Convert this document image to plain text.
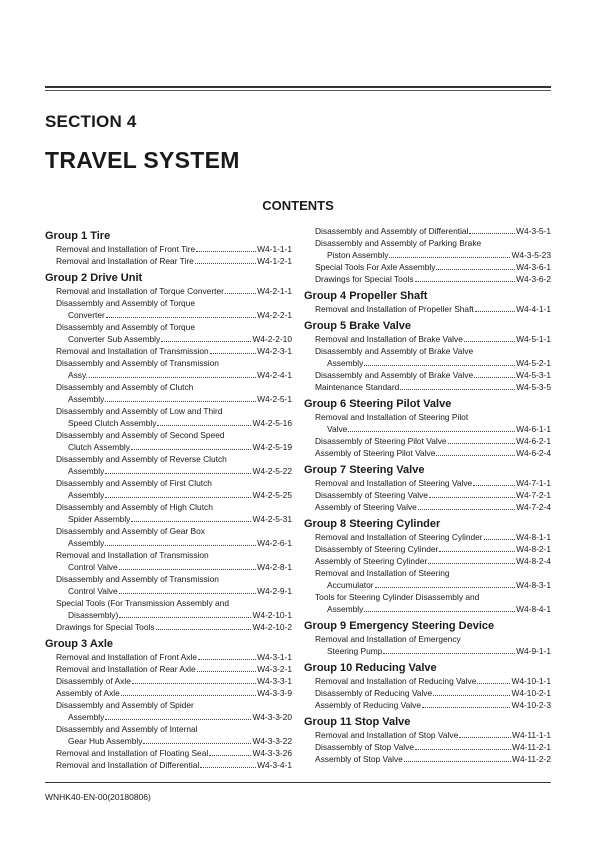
SECTION 4
TRAVEL SYSTEM
CONTENTS
Group 1 Tire
Removal and Installation of Front Tire	W4-1-1-1
Removal and Installation of Rear Tire	W4-1-2-1
Group 2 Drive Unit
Removal and Installation of Torque Converter	W4-2-1-1
Disassembly and Assembly of Torque
Converter	W4-2-2-1
Disassembly and Assembly of Torque
Converter Sub Assembly	W4-2-2-10
Removal and Installation of Transmission	W4-2-3-1
Disassembly and Assembly of Transmission
Assy.	W4-2-4-1
Disassembly and Assembly of Clutch
Assembly	W4-2-5-1
Disassembly and Assembly of Low and Third
Speed Clutch Assembly	W4-2-5-16
Disassembly and Assembly of Second Speed
Clutch Assembly	W4-2-5-19
Disassembly and Assembly of Reverse Clutch
Assembly	W4-2-5-22
Disassembly and Assembly of First Clutch
Assembly	W4-2-5-25
Disassembly and Assembly of High Clutch
Spider Assembly	W4-2-5-31
Disassembly and Assembly of Gear Box
Assembly	W4-2-6-1
Removal and Installation of Transmission
Control Valve	W4-2-8-1
Disassembly and Assembly of Transmission
Control Valve	W4-2-9-1
Special Tools (For Transmission Assembly and
Disassembly)	W4-2-10-1
Drawings for Special Tools	W4-2-10-2
Group 3 Axle
Removal and Installation of Front Axle	W4-3-1-1
Removal and Installation of Rear Axle	W4-3-2-1
Disassembly of Axle	W4-3-3-1
Assembly of Axle	W4-3-3-9
Disassembly and Assembly of Spider
Assembly	W4-3-3-20
Disassembly and Assembly of Internal
Gear Hub Assembly	W4-3-3-22
Removal and Installation of Floating Seal	W4-3-3-26
Removal and Installation of Differential	W4-3-4-1
Disassembly and Assembly of Differential	W4-3-5-1
Disassembly and Assembly of Parking Brake
Piston Assembly	W4-3-5-23
Special Tools For Axle Assembly	W4-3-6-1
Drawings for Special Tools	W4-3-6-2
Group 4 Propeller Shaft
Removal and Installation of Propeller Shaft	W4-4-1-1
Group 5 Brake Valve
Removal and Installation of Brake Valve	W4-5-1-1
Disassembly and Assembly of Brake Valve
Assembly	W4-5-2-1
Disassembly and Assembly of Brake Valve	W4-5-3-1
Maintenance Standard	W4-5-3-5
Group 6 Steering Pilot Valve
Removal and Installation of Steering Pilot
Valve	W4-6-1-1
Disassembly of Steering Pilot Valve	W4-6-2-1
Assembly of Steering Pilot Valve	W4-6-2-4
Group 7 Steering Valve
Removal and Installation of Steering Valve	W4-7-1-1
Disassembly of Steering Valve	W4-7-2-1
Assembly of Steering Valve	W4-7-2-4
Group 8 Steering Cylinder
Removal and Installation of Steering Cylinder	W4-8-1-1
Disassembly of Steering Cylinder	W4-8-2-1
Assembly of Steering Cylinder	W4-8-2-4
Removal and Installation of Steering
Accumulator	W4-8-3-1
Tools for Steering Cylinder Disassembly and
Assembly	W4-8-4-1
Group 9 Emergency Steering Device
Removal and Installation of Emergency
Steering Pump	W4-9-1-1
Group 10 Reducing Valve
Removal and Installation of Reducing Valve	W4-10-1-1
Disassembly of Reducing Valve	W4-10-2-1
Assembly of Reducing Valve	W4-10-2-3
Group 11 Stop Valve
Removal and Installation of Stop Valve	W4-11-1-1
Disassembly of Stop Valve	W4-11-2-1
Assembly of Stop Valve	W4-11-2-2
WNHK40-EN-00(20180806)
